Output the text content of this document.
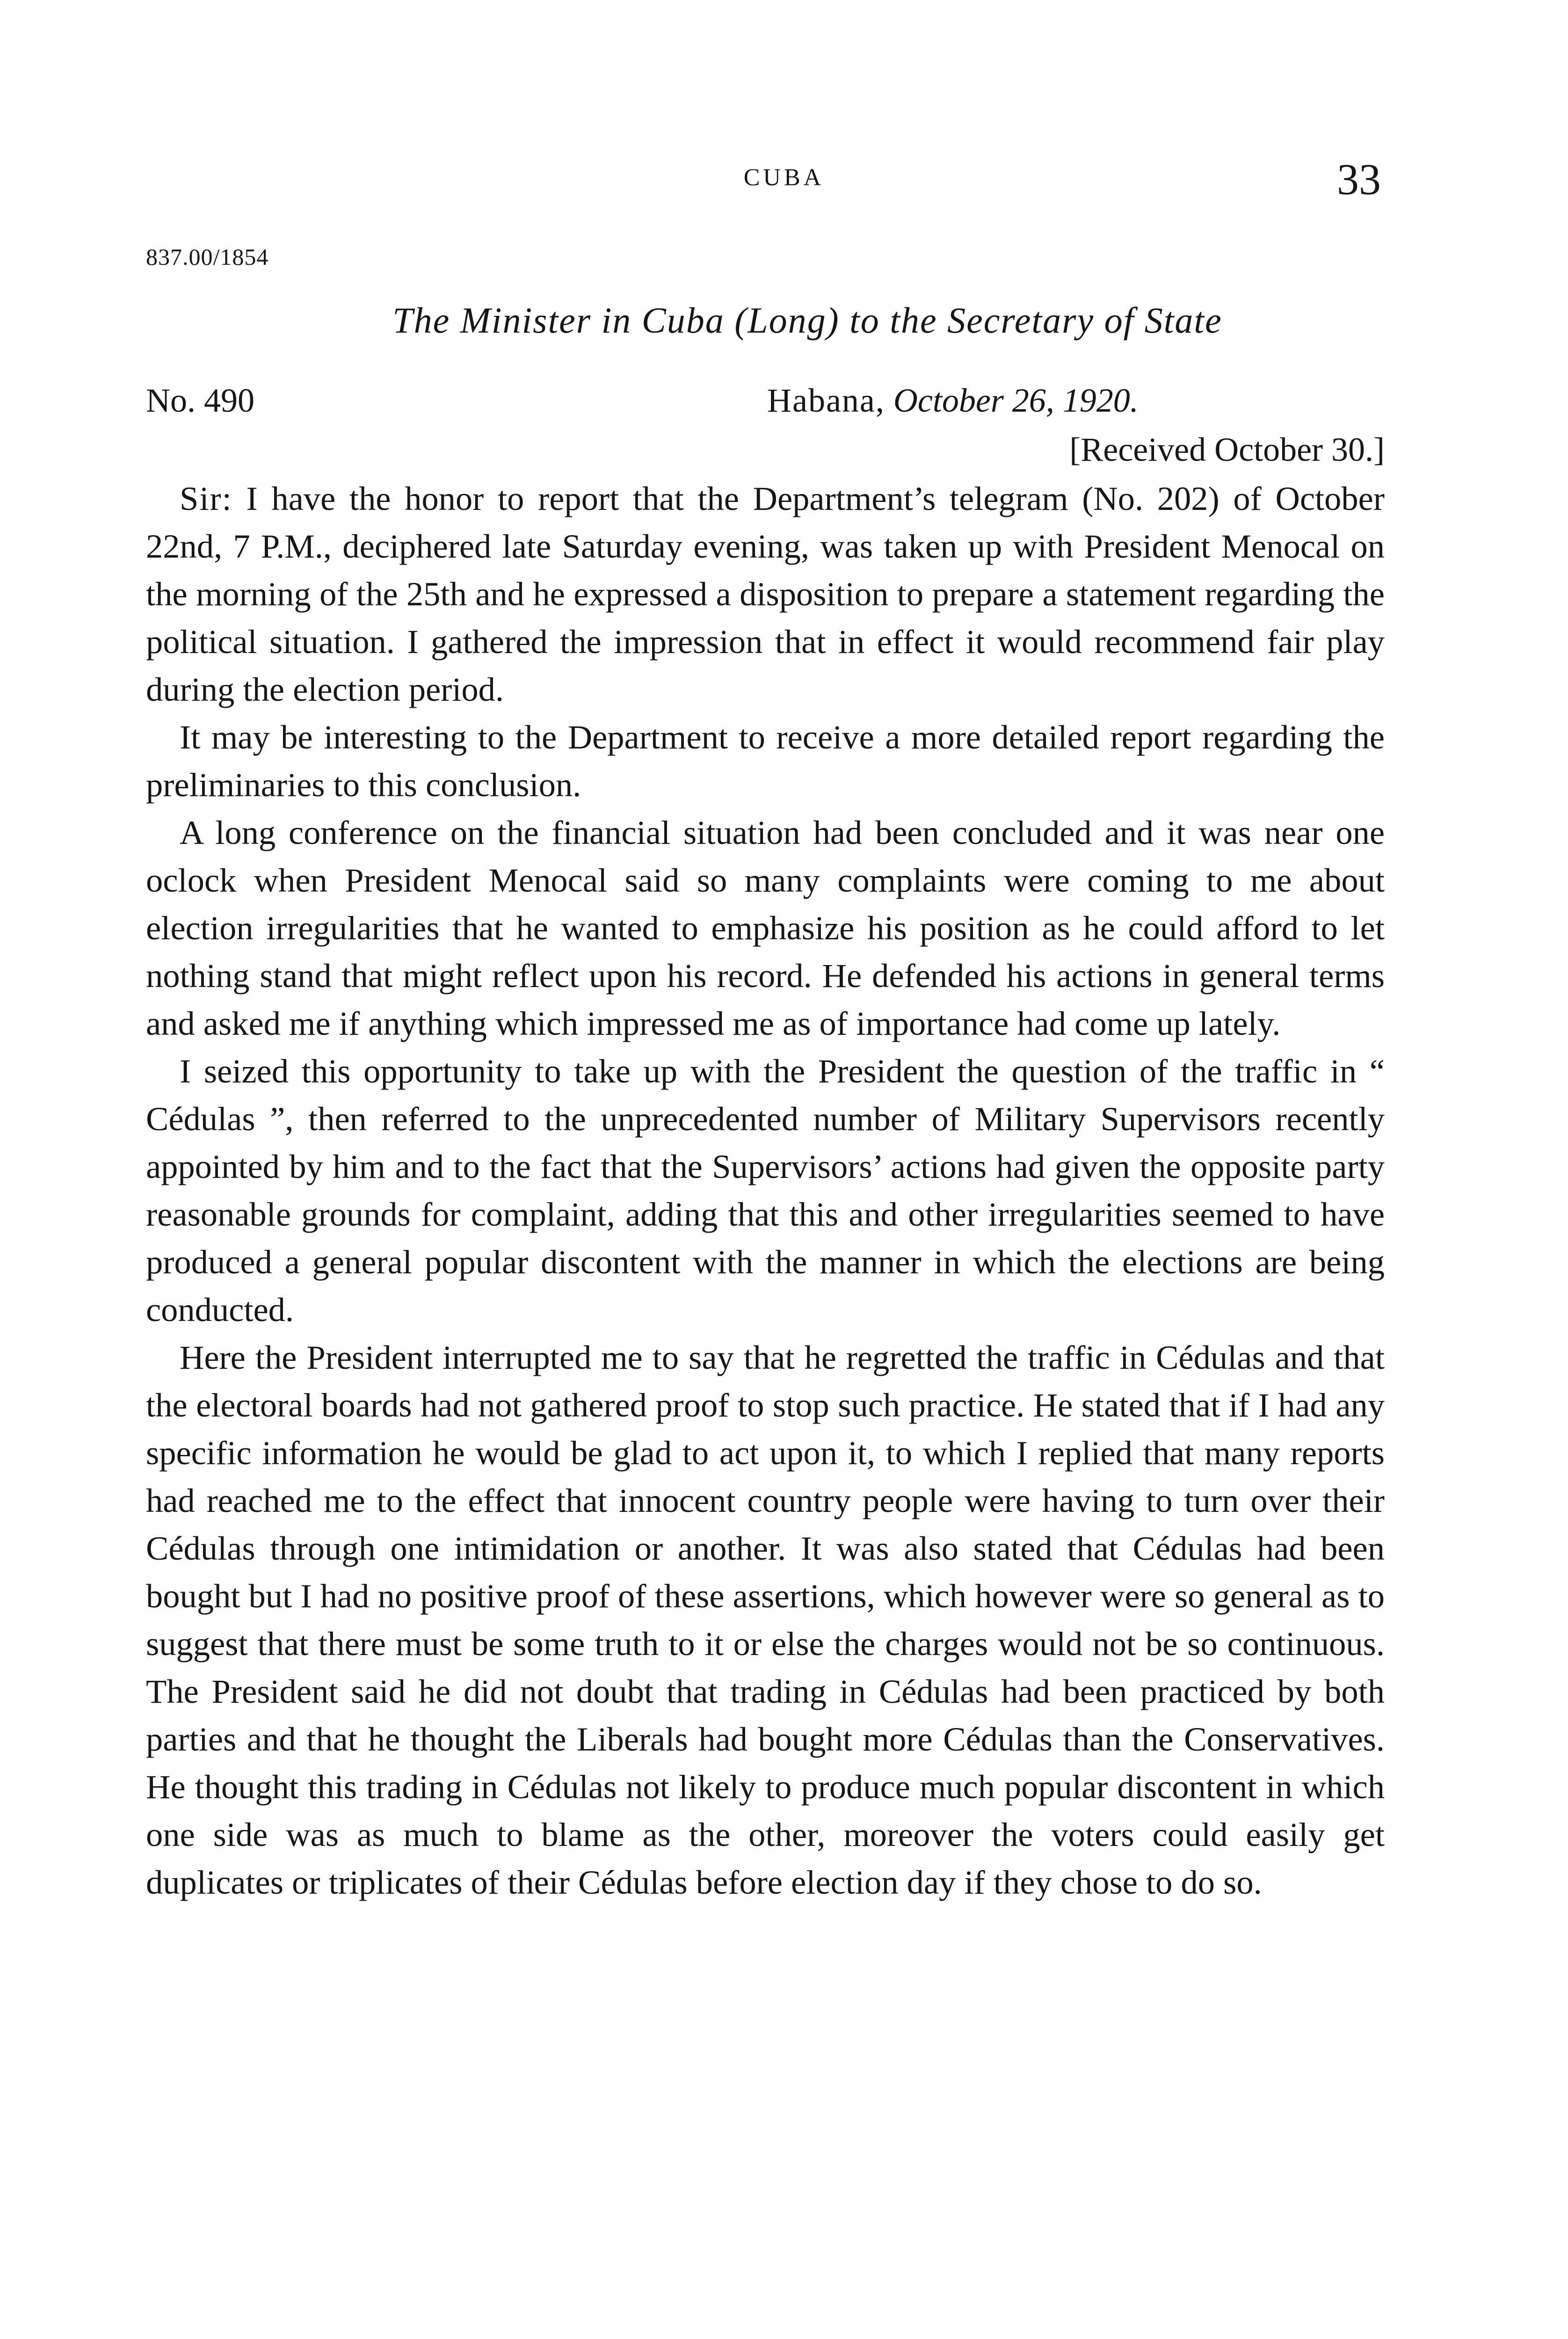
CUBA	33
837.00/1854
The Minister in Cuba (Long) to the Secretary of State
No. 490	Habana, October 26, 1920.
[Received October 30.]

Sir: I have the honor to report that the Department’s telegram (No. 202) of October 22nd, 7 P.M., deciphered late Saturday evening, was taken up with President Menocal on the morning of the 25th and he expressed a disposition to prepare a statement regarding the political situation. I gathered the impression that in effect it would recommend fair play during the election period.

It may be interesting to the Department to receive a more detailed report regarding the preliminaries to this conclusion.

A long conference on the financial situation had been concluded and it was near one oclock when President Menocal said so many complaints were coming to me about election irregularities that he wanted to emphasize his position as he could afford to let nothing stand that might reflect upon his record. He defended his actions in general terms and asked me if anything which impressed me as of importance had come up lately.

I seized this opportunity to take up with the President the question of the traffic in “ Cédulas ”, then referred to the unprecedented number of Military Supervisors recently appointed by him and to the fact that the Supervisors’ actions had given the opposite party reasonable grounds for complaint, adding that this and other irregularities seemed to have produced a general popular discontent with the manner in which the elections are being conducted.

Here the President interrupted me to say that he regretted the traffic in Cédulas and that the electoral boards had not gathered proof to stop such practice. He stated that if I had any specific information he would be glad to act upon it, to which I replied that many reports had reached me to the effect that innocent country people were having to turn over their Cédulas through one intimidation or another. It was also stated that Cédulas had been bought but I had no positive proof of these assertions, which however were so general as to suggest that there must be some truth to it or else the charges would not be so continuous. The President said he did not doubt that trading in Cédulas had been practiced by both parties and that he thought the Liberals had bought more Cédulas than the Conservatives. He thought this trading in Cédulas not likely to produce much popular discontent in which one side was as much to blame as the other, moreover the voters could easily get duplicates or triplicates of their Cédulas before election day if they chose to do so.
